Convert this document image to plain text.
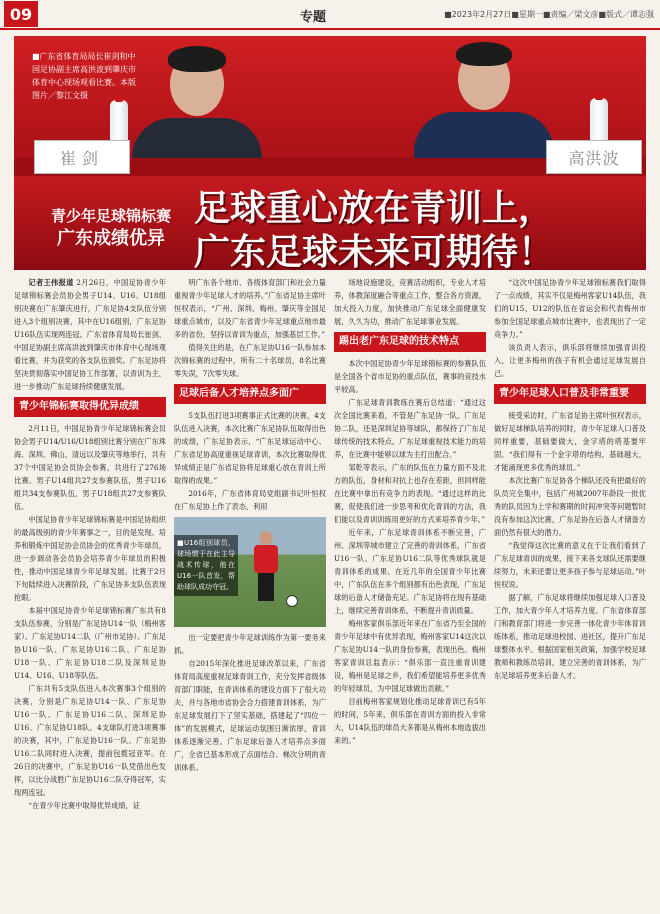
09	专题	■2023年2月27日■星期一■责编／梁文彦■版式／谭志强
崔剑	高洪波
■广东省体育局局长崔剑和中国足协副主席高洪波到肇庆市体育中心现场观看比赛。本版图片／黎江文摄
青少年足球锦标赛
广东成绩优异
足球重心放在青训上，
广东足球未来可期待！

记者王伟报道 2月26日，中国足协青少年足球锦标赛会员协会男子U14、U16、U18组别决赛在广东肇庆进行，广东足协4支队伍分别进入3个组别决赛，其中在U16组别，广东足协U16队伍实现两连冠。广东省体育局局长崔剑、中国足协副主席高洪波到肇庆市体育中心现场观看比赛，并为获奖的各支队伍颁奖。广东足协将坚决贯彻落实中国足协工作部署，以青训为主，进一步推动广东足球持续健康发展。

青少年锦标赛取得优异成绩

2月11日，中国足协青少年足球锦标赛会员协会男子U14/U16/U18组别比赛分别在广东珠海、深圳、佛山、清远以及肇庆等地举行，共有37个中国足协会员协会参赛，共进行了276场比赛。男子U14组共27支参赛队伍，男子U16组共34支参赛队伍，男子U18组共27支参赛队伍。

中国足协青少年足球锦标赛是中国足协组织的最高级别的青少年赛事之一，目的是发现、培养和锻炼中国足协会员协会的优秀青少年球员，进一步调动各会员协会培养青少年球员的积极性，推动中国足球青少年足球发展。比赛于2月下旬陆续进入决赛阶段，广东足协多支队伍表现抢眼。

本届中国足协青少年足球锦标赛广东共有8支队伍参赛，分别是广东足协U14一队（梅州客家）、广东足协U14二队（广州市足协）、广东足协U16一队、广东足协U16二队、广东足协U18一队、广东足协U18二队及深圳足协U14、U16、U18等队伍。

广东共有5支队伍进入本次赛事3个组别的决赛，分别是广东足协U14一队、广东足协U16一队、广东足协U16二队、深圳足协U16、广东足协U18队。4支球队打进3项赛事的决赛，其中，广东足协U16一队、广东足协U16二队同时进入决赛，提前包揽冠亚军。在26日的决赛中，广东足协U16一队凭借出色发挥，以比分战胜广东足协U16二队夺得冠军，实现两连冠。

“在青少年比赛中取得优异成绩，证

明广东各个地市、各级体育部门和社会力量重视青少年足球人才的培养。”广东省足协主席叶恒权表示，“广州、深圳、梅州、肇庆等全国足球重点城市，以及广东省青少年足球重点地市最多的省份，坚持以青训为重点，加强基层工作。”

值得关注的是，在广东足协U16一队参加本次锦标赛的过程中，所有二十名球员，8名比赛零失误，7次零失球。

足球后备人才培养点多面广

5支队伍打进3项赛事正式比赛的决赛，4支队伍进入决赛，本次比赛广东足协队伍取得出色的成绩，广东足协表示，“广东足球运动中心、广东省足协高度重视足球青训，本次比赛取得优异成绩正是广东省足协将足球重心放在青训上所取得的成果。”

2016年，广东省体育局党组副书记叶恒权在广东足协上作了表态，利用

■U16组别球员，球场惯于在此主导战术传球，他在U16一队首发，帮助球队成功夺冠。

出一定要把青少年足球训练作为第一要务来抓。

自2015年深化推进足球改革以来，广东省体育局高度重视足球青训工作，充分发挥省级体育部门职能，在青训体系的建设方面下了很大功夫，并与各地市省协会合力搭建青训体系，为广东足球发展打下了坚实基础，搭建起了“四位一体”的发展模式，足球运动氛围日渐浓厚，青训体系逐渐完善。广东足球后备人才培养点多面广，全省已基本形成了点面结合、梯次分明的青训体系。

场地设施建设，竞赛活动组织，专业人才培养，体教深度融合等重点工作，整合各方资源，加大投入力度，加快推动广东足球全面健康发展，久久为功，推动广东足球事业发展。

踢出老广东足球的技术特点

本次中国足协青少年足球锦标赛的参赛队伍是全国各个省市足协的重点队伍，赛事的竞技水平较高。

广东足球青训教练在赛后总结道：“通过这次全国比赛来看，不管是广东足协一队、广东足协二队，还是深圳足协等球队，都保持了广东足球传统的技术特点。广东足球重视技术能力的培养，在比赛中能够以球为主打出配合。”

邹乾等表示，广东的队伍在力量方面不及北方的队伍，身材和对抗上也存在差距，但同样能在比赛中拿出有竞争力的表现。“通过这样的比赛，促使我们进一步思考和优化青训的方法，我们能以及青训训练用更好的方式来培养青少年。”

近年来，广东足球青训体系不断完善，广州、深圳等城市建立了完善的青训体系，广东省U16一队、广东足协U16二队等优秀球队就是青训体系的成果。在近几年的全国青少年比赛中，广东队伍在多个组别都有出色表现，广东足球的后备人才储备充足。广东足协将在现有基础上，继续完善青训体系，不断提升青训质量。

梅州客家俱乐部近年来在广东省乃至全国的青少年足球中有优异表现，梅州客家U14这次以广东足协U14一队的身份参赛，表现出色。梅州客家青训总监表示：“俱乐部一直注重青训建设，梅州是足球之乡，我们希望能培养更多优秀的年轻球员，为中国足球做出贡献。”

目前梅州客家规划化推动足球青训已有5年的时间，5年来，俱乐部在青训方面的投入非常大，U14队伍的球员大多都是从梅州本地选拔出来的。”

“这次中国足协青少年足球锦标赛我们取得了一点成绩，其实不仅是梅州客家U14队伍，我们的U15、U12的队伍在省运会和代表梅州市参加全国足球重点城市比赛中，也表现出了一定竞争力。”

该负责人表示，俱乐部将继续加强青训投入，让更多梅州的孩子有机会通过足球发展自己。

青少年足球人口普及非常重要

接受采访时，广东省足协主席叶恒权表示，做好足球梯队培养的同时，青少年足球人口普及同样重要，基础要做大，金字塔的塔基要牢固。“我们得有一个金字塔的结构，基础越大，才能涌现更多优秀的球员。”

本次比赛广东足协各个梯队还没有把最好的队员完全集中，包括广州城2007年龄段一批优秀的队员因为上学和赛期的时间冲突等问题暂时没有参加这次比赛，广东足协在后备人才储备方面仍然有很大的潜力。

“我觉得这次比赛的意义在于让我们看到了广东足球青训的成果，接下来各支球队还需要继续努力，未来还要让更多孩子参与足球运动。”叶恒权说。

据了解，广东足球将继续加强足球人口普及工作，加大青少年人才培养力度。广东省体育部门和教育部门将进一步完善一体化青少年体育训练体系，推动足球进校园、进社区，提升广东足球整体水平。根据国家相关政策，加强学校足球教师和教练员培训，建立完善的青训体系，为广东足球培养更多后备人才。
